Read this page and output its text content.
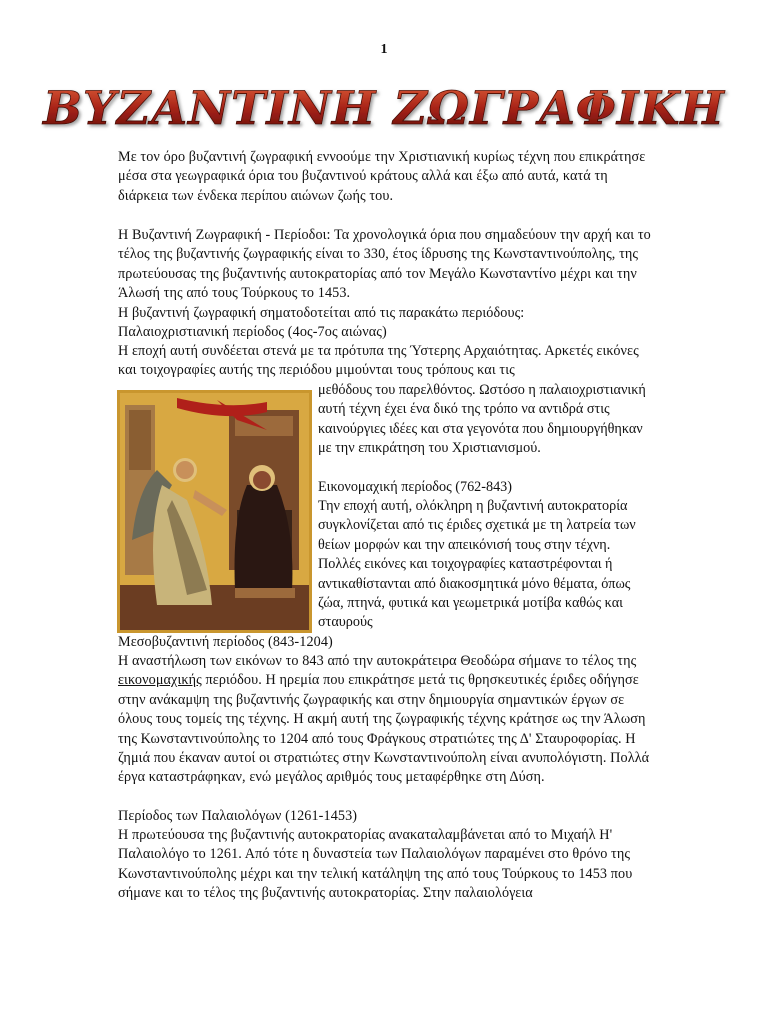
1
ΒΥΖΑΝΤΙΝΗ ΖΩΓΡΑΦΙΚΗ

Με τον όρο βυζαντινή ζωγραφική εννοούμε την Χριστιανική κυρίως τέχνη που επικράτησε μέσα στα γεωγραφικά όρια του βυζαντινού κράτους αλλά και έξω από αυτά, κατά τη διάρκεια των ένδεκα περίπου αιώνων ζωής του.

Η Βυζαντινή Ζωγραφική - Περίοδοι: Τα χρονολογικά όρια που σημαδεύουν την αρχή και το τέλος της βυζαντινής ζωγραφικής είναι το 330, έτος ίδρυσης της Κωνσταντινούπολης, της πρωτεύουσας της βυζαντινής αυτοκρατορίας από τον Μεγάλο Κωνσταντίνο μέχρι και την Άλωσή της από τους Τούρκους το 1453.

Η βυζαντινή ζωγραφική σηματοδοτείται από τις παρακάτω περιόδους:

Παλαιοχριστιανική περίοδος (4ος-7ος αιώνας)

Η εποχή αυτή συνδέεται στενά με τα πρότυπα της Ύστερης Αρχαιότητας. Αρκετές εικόνες και τοιχογραφίες αυτής της περιόδου μιμούνται τους τρόπους και τις

μεθόδους του παρελθόντος. Ωστόσο η παλαιοχριστιανική αυτή τέχνη έχει ένα δικό της τρόπο να αντιδρά στις καινούργιες ιδέες και στα γεγονότα που δημιουργήθηκαν με την επικράτηση του Χριστιανισμού.
Εικονομαχική περίοδος (762-843)
Την εποχή αυτή, ολόκληρη η βυζαντινή αυτοκρατορία συγκλονίζεται από τις έριδες σχετικά με τη λατρεία των θείων μορφών και την απεικόνισή τους στην τέχνη. Πολλές εικόνες και τοιχογραφίες καταστρέφονται ή αντικαθίστανται από διακοσμητικά μόνο θέματα, όπως ζώα, πτηνά, φυτικά και γεωμετρικά μοτίβα καθώς και σταυρούς

Μεσοβυζαντινή περίοδος (843-1204)

Η αναστήλωση των εικόνων το 843 από την αυτοκράτειρα Θεοδώρα σήμανε το τέλος της εικονομαχικής περιόδου. Η ηρεμία που επικράτησε μετά τις θρησκευτικές έριδες οδήγησε στην ανάκαμψη της βυζαντινής ζωγραφικής και στην δημιουργία σημαντικών έργων σε όλους τους τομείς της τέχνης. Η ακμή αυτή της ζωγραφικής τέχνης κράτησε ως την Άλωση της Κωνσταντινούπολης το 1204 από τους Φράγκους στρατιώτες της Δ' Σταυροφορίας. Η ζημιά που έκαναν αυτοί οι στρατιώτες στην Κωνσταντινούπολη είναι ανυπολόγιστη. Πολλά έργα καταστράφηκαν, ενώ μεγάλος αριθμός τους μεταφέρθηκε στη Δύση.

Περίοδος των Παλαιολόγων (1261-1453)

Η πρωτεύουσα της βυζαντινής αυτοκρατορίας ανακαταλαμβάνεται από το Μιχαήλ Η' Παλαιολόγο το 1261. Από τότε η δυναστεία των Παλαιολόγων παραμένει στο θρόνο της Κωνσταντινούπολης μέχρι και την τελική κατάληψη της από τους Τούρκους το 1453 που σήμανε και το τέλος της βυζαντινής αυτοκρατορίας. Στην παλαιολόγεια
